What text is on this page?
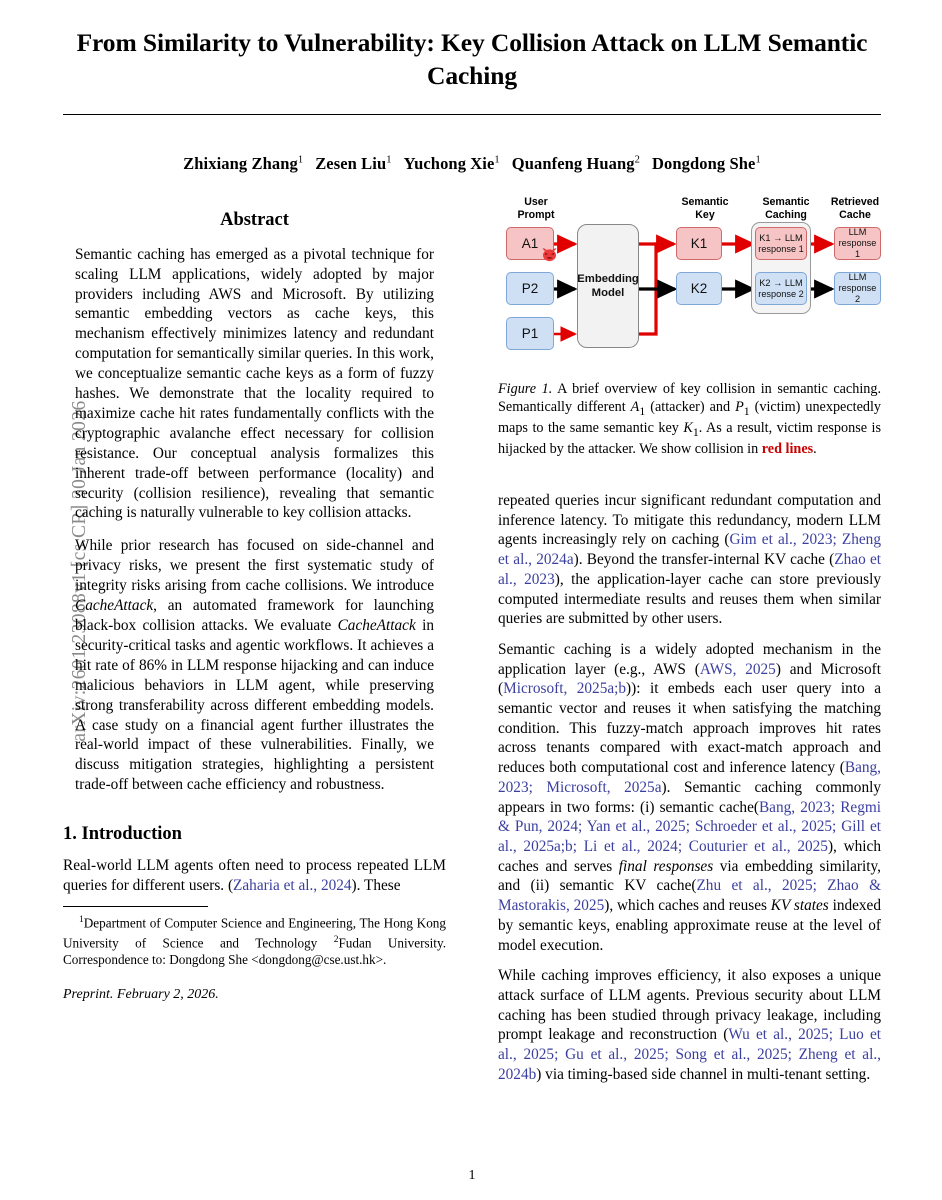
arXiv:2601.23088v1 [cs.CR] 30 Jan 2026
From Similarity to Vulnerability: Key Collision Attack on LLM Semantic Caching
Zhixiang Zhang$^1$ Zesen Liu$^1$ Yuchong Xie$^1$ Quanfeng Huang$^2$ Dongdong She$^1$
Abstract

Semantic caching has emerged as a pivotal technique for scaling LLM applications, widely adopted by major providers including AWS and Microsoft. By utilizing semantic embedding vectors as cache keys, this mechanism effectively minimizes latency and redundant computation for semantically similar queries. In this work, we conceptualize semantic cache keys as a form of fuzzy hashes. We demonstrate that the locality required to maximize cache hit rates fundamentally conflicts with the cryptographic avalanche effect necessary for collision resistance. Our conceptual analysis formalizes this inherent trade-off between performance (locality) and security (collision resilience), revealing that semantic caching is naturally vulnerable to key collision attacks.

While prior research has focused on side-channel and privacy risks, we present the first systematic study of integrity risks arising from cache collisions. We introduce CacheAttack, an automated framework for launching black-box collision attacks. We evaluate CacheAttack in security-critical tasks and agentic workflows. It achieves a hit rate of 86% in LLM response hijacking and can induce malicious behaviors in LLM agent, while preserving strong transferability across different embedding models. A case study on a financial agent further illustrates the real-world impact of these vulnerabilities. Finally, we discuss mitigation strategies, highlighting a persistent trade-off between cache efficiency and robustness.

1. Introduction

Real-world LLM agents often need to process repeated LLM queries for different users. (Zaharia et al., 2024). These

$^1$Department of Computer Science and Engineering, The Hong Kong University of Science and Technology $^2$Fudan University. Correspondence to: Dongdong She <dongdong@cse.ust.hk>.
Preprint. February 2, 2026.
User
Prompt
Semantic
Key
Semantic
Caching
Retrieved
Cache
A1
P2
P1
Embedding
Model
K1
K2
K1 → LLM
response 1
K2 → LLM
response 2
LLM
response 1
LLM
response 2
Figure 1. A brief overview of key collision in semantic caching. Semantically different $A_1$ (attacker) and $P_1$ (victim) unexpectedly maps to the same semantic key $K_1$. As a result, victim response is hijacked by the attacker. We show collision in red lines.

repeated queries incur significant redundant computation and inference latency. To mitigate this redundancy, modern LLM agents increasingly rely on caching (Gim et al., 2023; Zheng et al., 2024a). Beyond the transfer-internal KV cache (Zhao et al., 2023), the application-layer cache can store previously computed intermediate results and reuses them when similar queries are submitted by other users.

Semantic caching is a widely adopted mechanism in the application layer (e.g., AWS (AWS, 2025) and Microsoft (Microsoft, 2025a;b)): it embeds each user query into a semantic vector and reuses it when satisfying the matching condition. This fuzzy-match approach improves hit rates across tenants compared with exact-match approach and reduces both computational cost and inference latency (Bang, 2023; Microsoft, 2025a). Semantic caching commonly appears in two forms: (i) semantic cache(Bang, 2023; Regmi & Pun, 2024; Yan et al., 2025; Schroeder et al., 2025; Gill et al., 2025a;b; Li et al., 2024; Couturier et al., 2025), which caches and serves final responses via embedding similarity, and (ii) semantic KV cache(Zhu et al., 2025; Zhao & Mastorakis, 2025), which caches and reuses KV states indexed by semantic keys, enabling approximate reuse at the level of model execution.

While caching improves efficiency, it also exposes a unique attack surface of LLM agents. Previous security about LLM caching has been studied through privacy leakage, including prompt leakage and reconstruction (Wu et al., 2025; Luo et al., 2025; Gu et al., 2025; Song et al., 2025; Zheng et al., 2024b) via timing-based side channel in multi-tenant setting.

1
